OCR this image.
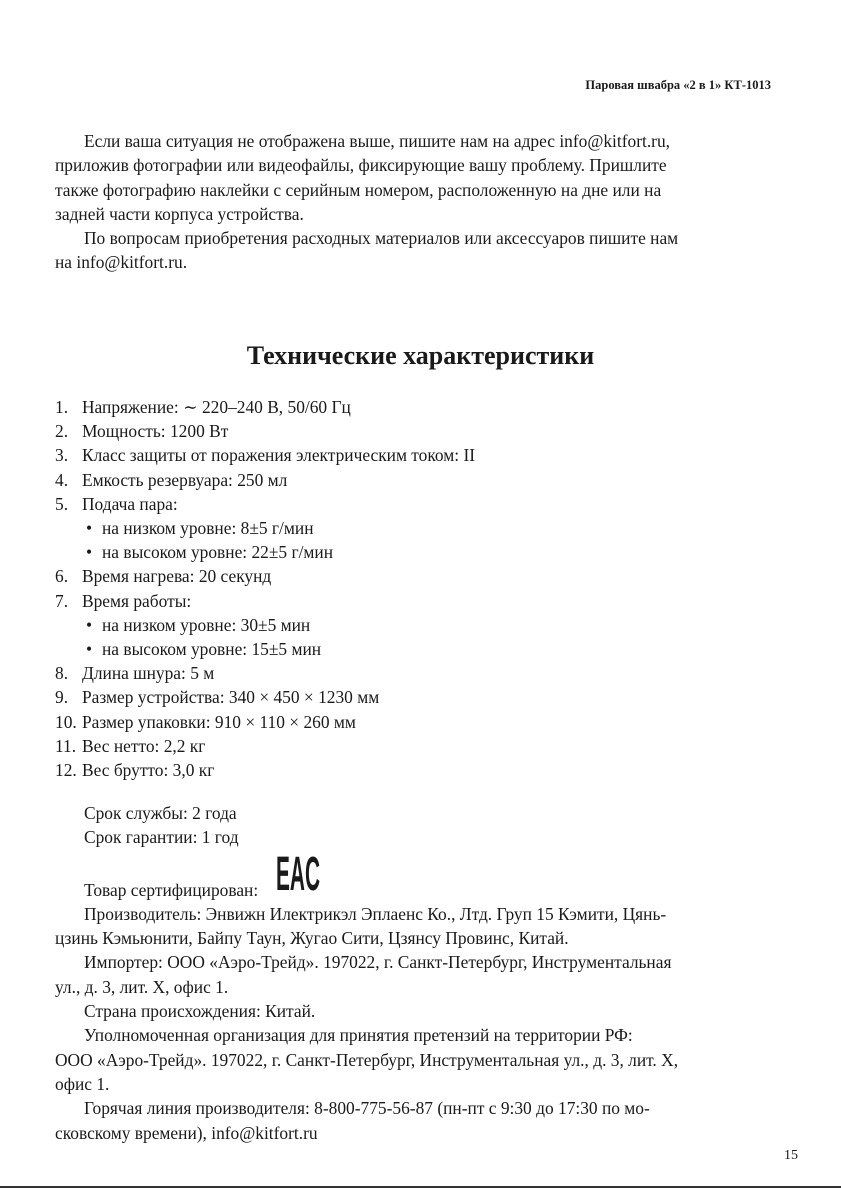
Паровая швабра «2 в 1» КТ-1013
Если ваша ситуация не отображена выше, пишите нам на адрес info@kitfort.ru,
приложив фотографии или видеофайлы, фиксирующие вашу проблему. Пришлите
также фотографию наклейки с серийным номером, расположенную на дне или на
задней части корпуса устройства.
По вопросам приобретения расходных материалов или аксессуаров пишите нам
на info@kitfort.ru.
Технические характеристики
1. Напряжение: ∼ 220–240 В, 50/60 Гц
2. Мощность: 1200 Вт
3. Класс защиты от поражения электрическим током: II
4. Емкость резервуара: 250 мл
5. Подача пара:
• на низком уровне: 8±5 г/мин
• на высоком уровне: 22±5 г/мин
6. Время нагрева: 20 секунд
7. Время работы:
• на низком уровне: 30±5 мин
• на высоком уровне: 15±5 мин
8. Длина шнура: 5 м
9. Размер устройства: 340 × 450 × 1230 мм
10. Размер упаковки: 910 × 110 × 260 мм
11. Вес нетто: 2,2 кг
12. Вес брутто: 3,0 кг
Срок службы: 2 года
Срок гарантии: 1 год
Товар сертифицирован: EAC
Производитель: Энвижн Илектрикэл Эплаенс Ко., Лтд. Груп 15 Кэмити, Цянь-
цзинь Кэмьюнити, Байпу Таун, Жугао Сити, Цзянсу Провинс, Китай.
Импортер: ООО «Аэро-Трейд». 197022, г. Санкт-Петербург, Инструментальная
ул., д. 3, лит. Х, офис 1.
Страна происхождения: Китай.
Уполномоченная организация для принятия претензий на территории РФ:
ООО «Аэро-Трейд». 197022, г. Санкт-Петербург, Инструментальная ул., д. 3, лит. Х,
офис 1.
Горячая линия производителя: 8-800-775-56-87 (пн-пт с 9:30 до 17:30 по мо-
сковскому времени), info@kitfort.ru
15
